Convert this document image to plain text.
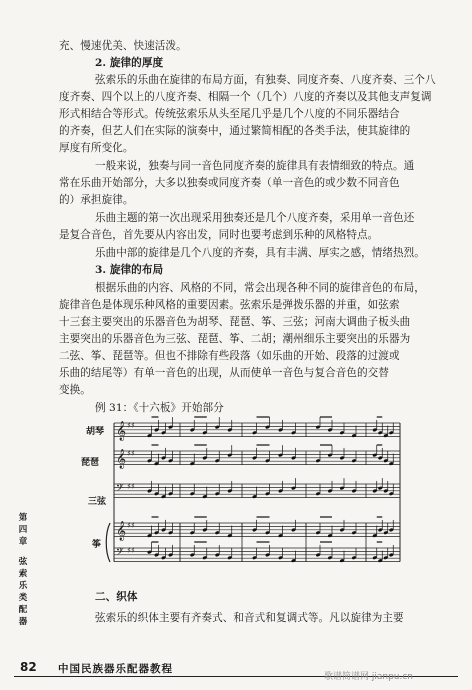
充、慢速优美、快速活泼。
2. 旋律的厚度
弦索乐的乐曲在旋律的布局方面，有独奏、同度齐奏、八度齐奏、三个八
度齐奏、四个以上的八度齐奏、相隔一个（几个）八度的齐奏以及其他支声复调
形式相结合等形式。传统弦索乐从头至尾几乎是几个八度的不同乐器结合
的齐奏，但艺人们在实际的演奏中，通过繁简相配的各类手法，使其旋律的
厚度有所变化。
一般来说，独奏与同一音色同度齐奏的旋律具有表情细致的特点。通
常在乐曲开始部分，大多以独奏或同度齐奏（单一音色的或少数不同音色
的）承担旋律。
乐曲主题的第一次出现采用独奏还是几个八度齐奏，采用单一音色还
是复合音色，首先要从内容出发，同时也要考虑到乐种的风格特点。
乐曲中部的旋律是几个八度的齐奏，具有丰满、厚实之感，情绪热烈。
3. 旋律的布局
根据乐曲的内容、风格的不同，常会出现各种不同的旋律音色的布局，
旋律音色是体现乐种风格的重要因素。弦索乐是弹拨乐器的并重，如弦索
十三套主要突出的乐器音色为胡琴、琵琶、筝、三弦；河南大调曲子板头曲
主要突出的乐器音色为三弦、琵琶、筝、二胡；潮州细乐主要突出的乐器为
二弦、筝、琵琶等。但也不排除有些段落（如乐曲的开始、段落的过渡或
乐曲的结尾等）有单一音色的出现，从而使单一音色与复合音色的交替
变换。
例 31：《十六板》开始部分
𝄞 ♯♯
𝄞 ♯♯
𝄢 ♯♯
𝄞 ♯♯
𝄢 ♯♯
胡琴
琵琶
三弦
筝
二、织体
弦索乐的织体主要有齐奏式、和音式和复调式等。凡以旋律为主要
第
四
章
弦
索
乐
类
配
器
82 中国民族器乐配器教程
歌谱简谱网 jianpu.cn
